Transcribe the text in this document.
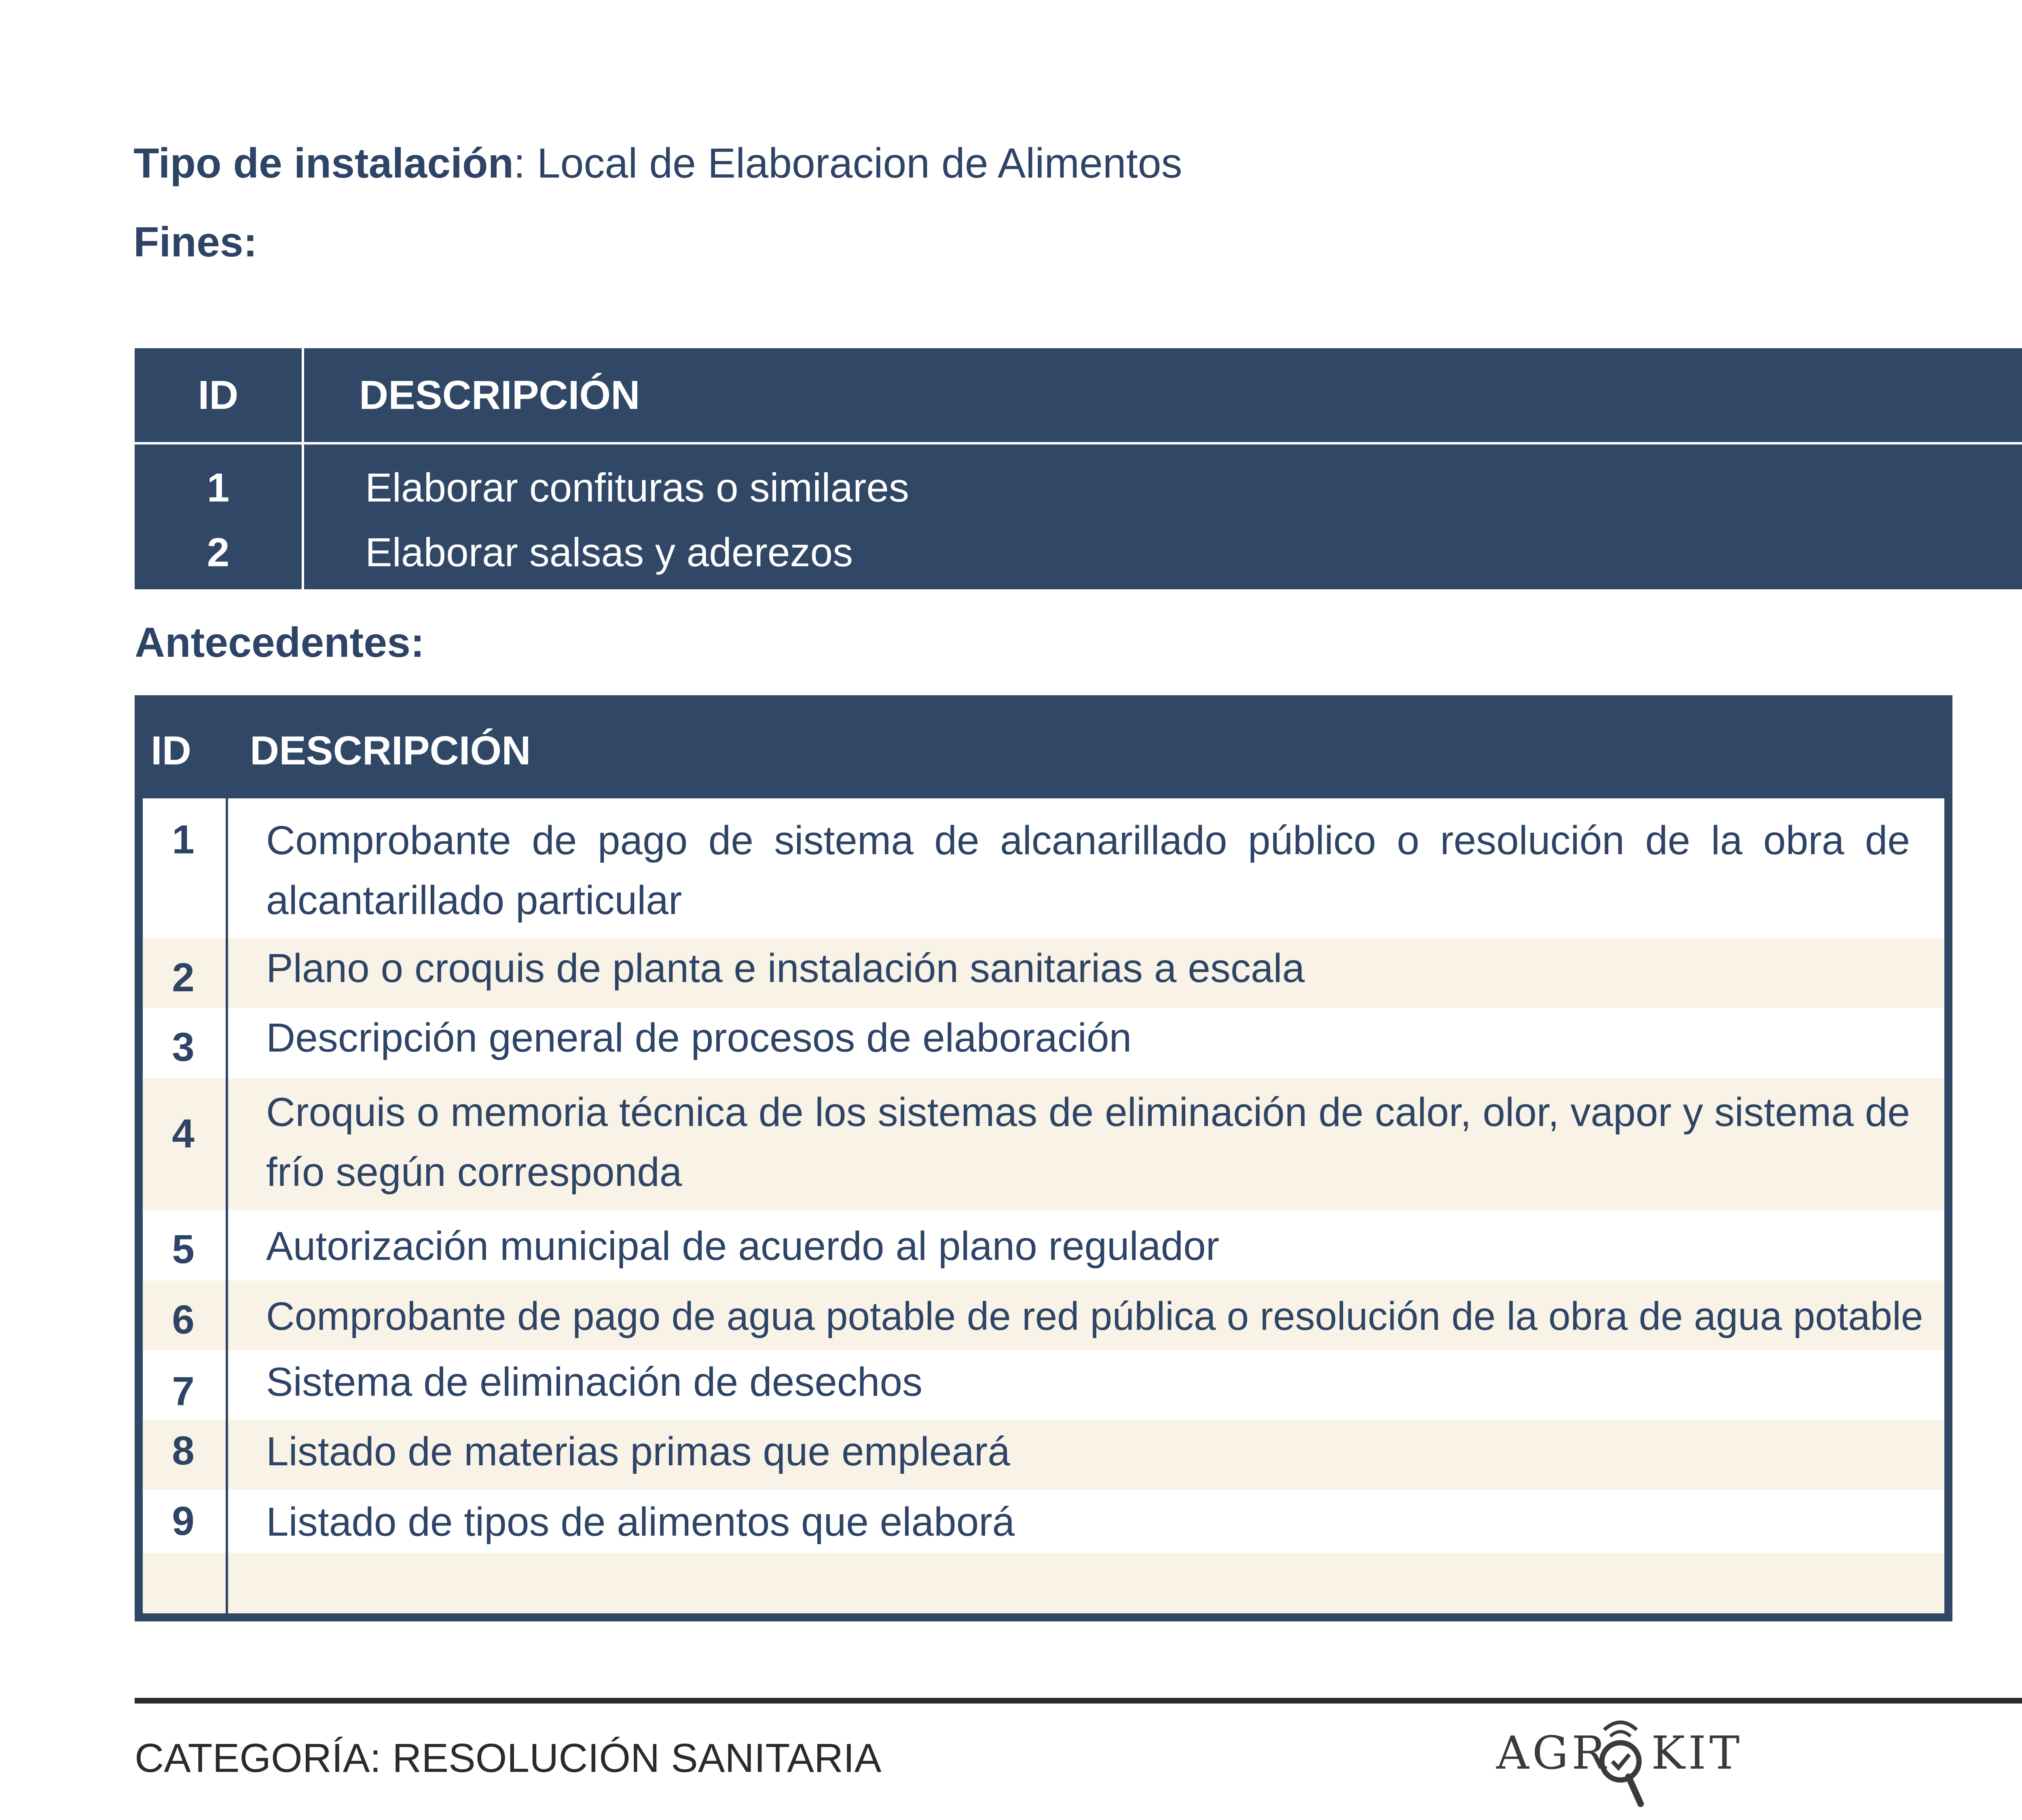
Tipo de instalación: Local de Elaboracion de Alimentos
Fines:
ID	DESCRIPCIÓN
1	Elaborar confituras o similares
2	Elaborar salsas y aderezos
Antecedentes:
ID DESCRIPCIÓN
1	Comprobante de pago de sistema de alcanarillado público o resolución de la obra de alcantarillado particular
2	Plano o croquis de planta e instalación sanitarias a escala
3	Descripción general de procesos de elaboración
4	Croquis o memoria técnica de los sistemas de eliminación de calor, olor, vapor y sistema de frío según corresponda
5	Autorización municipal de acuerdo al plano regulador
6	Comprobante de pago de agua potable de red pública o resolución de la obra de agua potable
7	Sistema de eliminación de desechos
8	Listado de materias primas que empleará
9	Listado de tipos de alimentos que elaborá
CATEGORÍA: RESOLUCIÓN SANITARIA	AGR KIT
